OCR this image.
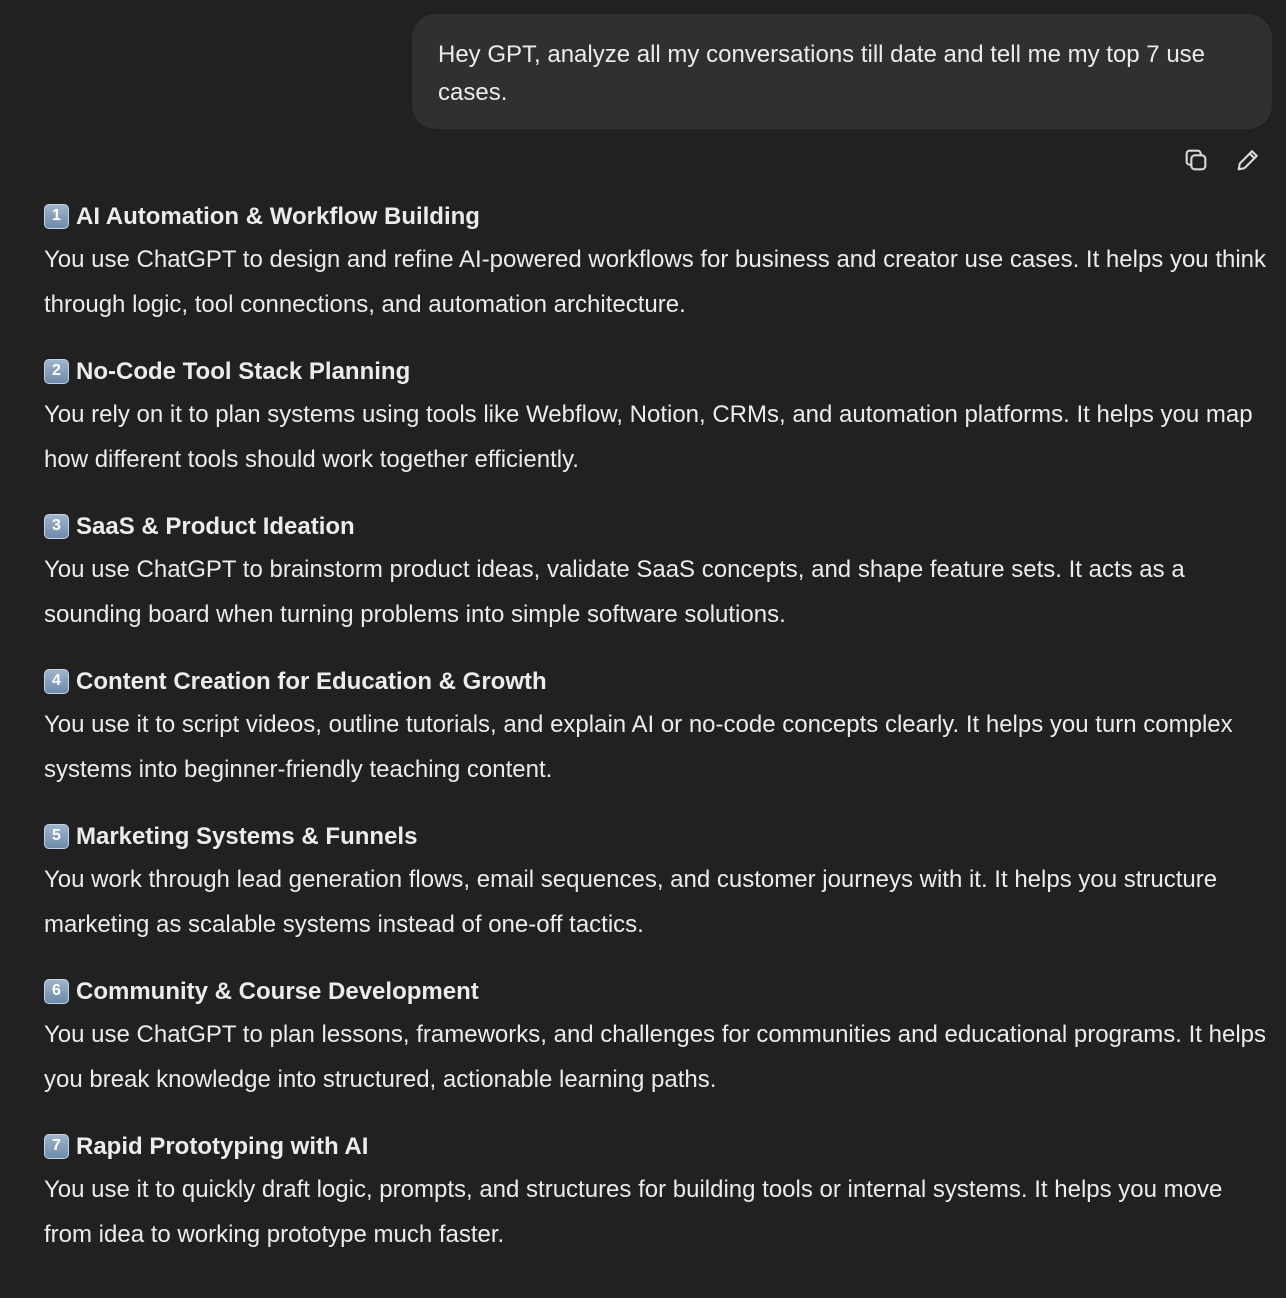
Hey GPT, analyze all my conversations till date and tell me my top 7 use cases.
1 AI Automation & Workflow Building
You use ChatGPT to design and refine AI-powered workflows for business and creator use cases. It helps you think through logic, tool connections, and automation architecture.
2 No-Code Tool Stack Planning
You rely on it to plan systems using tools like Webflow, Notion, CRMs, and automation platforms. It helps you map how different tools should work together efficiently.
3 SaaS & Product Ideation
You use ChatGPT to brainstorm product ideas, validate SaaS concepts, and shape feature sets. It acts as a sounding board when turning problems into simple software solutions.
4 Content Creation for Education & Growth
You use it to script videos, outline tutorials, and explain AI or no-code concepts clearly. It helps you turn complex systems into beginner-friendly teaching content.
5 Marketing Systems & Funnels
You work through lead generation flows, email sequences, and customer journeys with it. It helps you structure marketing as scalable systems instead of one-off tactics.
6 Community & Course Development
You use ChatGPT to plan lessons, frameworks, and challenges for communities and educational programs. It helps you break knowledge into structured, actionable learning paths.
7 Rapid Prototyping with AI
You use it to quickly draft logic, prompts, and structures for building tools or internal systems. It helps you move from idea to working prototype much faster.
